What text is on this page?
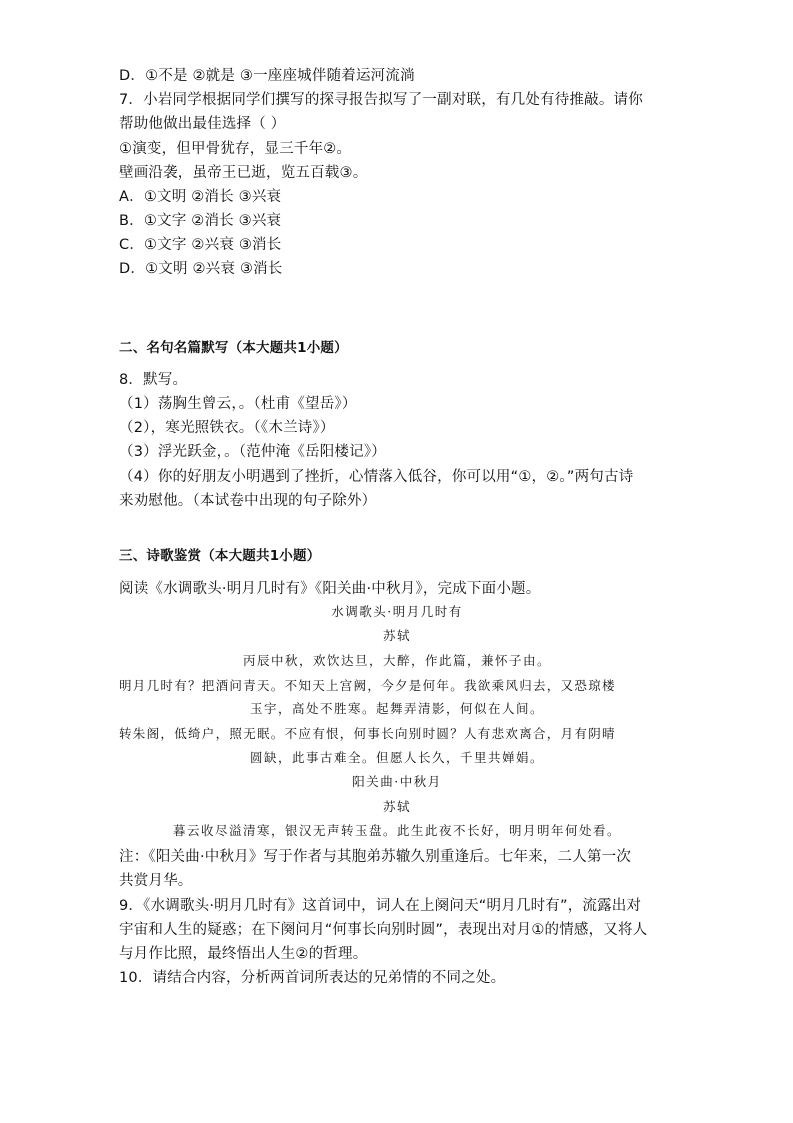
D．①不是 ②就是 ③一座座城伴随着运河流淌
7．小岩同学根据同学们撰写的探寻报告拟写了一副对联，有几处有待推敲。请你
帮助他做出最佳选择（ ）
①演变，但甲骨犹存，显三千年②。
壁画沿袭，虽帝王已逝，览五百载③。
A．①文明 ②消长 ③兴衰
B．①文字 ②消长 ③兴衰
C．①文字 ②兴衰 ③消长
D．①文明 ②兴衰 ③消长
二、名句名篇默写（本大题共1小题）
8．默写。
（1）荡胸生曾云，。（杜甫《望岳》）
（2），寒光照铁衣。（《木兰诗》）
（3）浮光跃金，。（范仲淹《岳阳楼记》）
（4）你的好朋友小明遇到了挫折，心情落入低谷，你可以用“①，②。”两句古诗
来劝慰他。（本试卷中出现的句子除外）
三、诗歌鉴赏（本大题共1小题）
阅读《水调歌头·明月几时有》《阳关曲·中秋月》，完成下面小题。
水调歌头·明月几时有
苏轼
丙辰中秋，欢饮达旦，大醉，作此篇，兼怀子由。
明月几时有？把酒问青天。不知天上宫阙，今夕是何年。我欲乘风归去，又恐琼楼
玉宇，高处不胜寒。起舞弄清影，何似在人间。
转朱阁，低绮户，照无眠。不应有恨，何事长向别时圆？人有悲欢离合，月有阴晴
圆缺，此事古难全。但愿人长久，千里共婵娟。
阳关曲·中秋月
苏轼
暮云收尽溢清寒，银汉无声转玉盘。此生此夜不长好，明月明年何处看。
注：《阳关曲·中秋月》写于作者与其胞弟苏辙久别重逢后。七年来，二人第一次
共赏月华。
9．《水调歌头·明月几时有》这首词中，词人在上阕问天“明月几时有”，流露出对
宇宙和人生的疑惑；在下阕问月“何事长向别时圆”，表现出对月①的情感，又将人
与月作比照，最终悟出人生②的哲理。
10．请结合内容，分析两首词所表达的兄弟情的不同之处。
